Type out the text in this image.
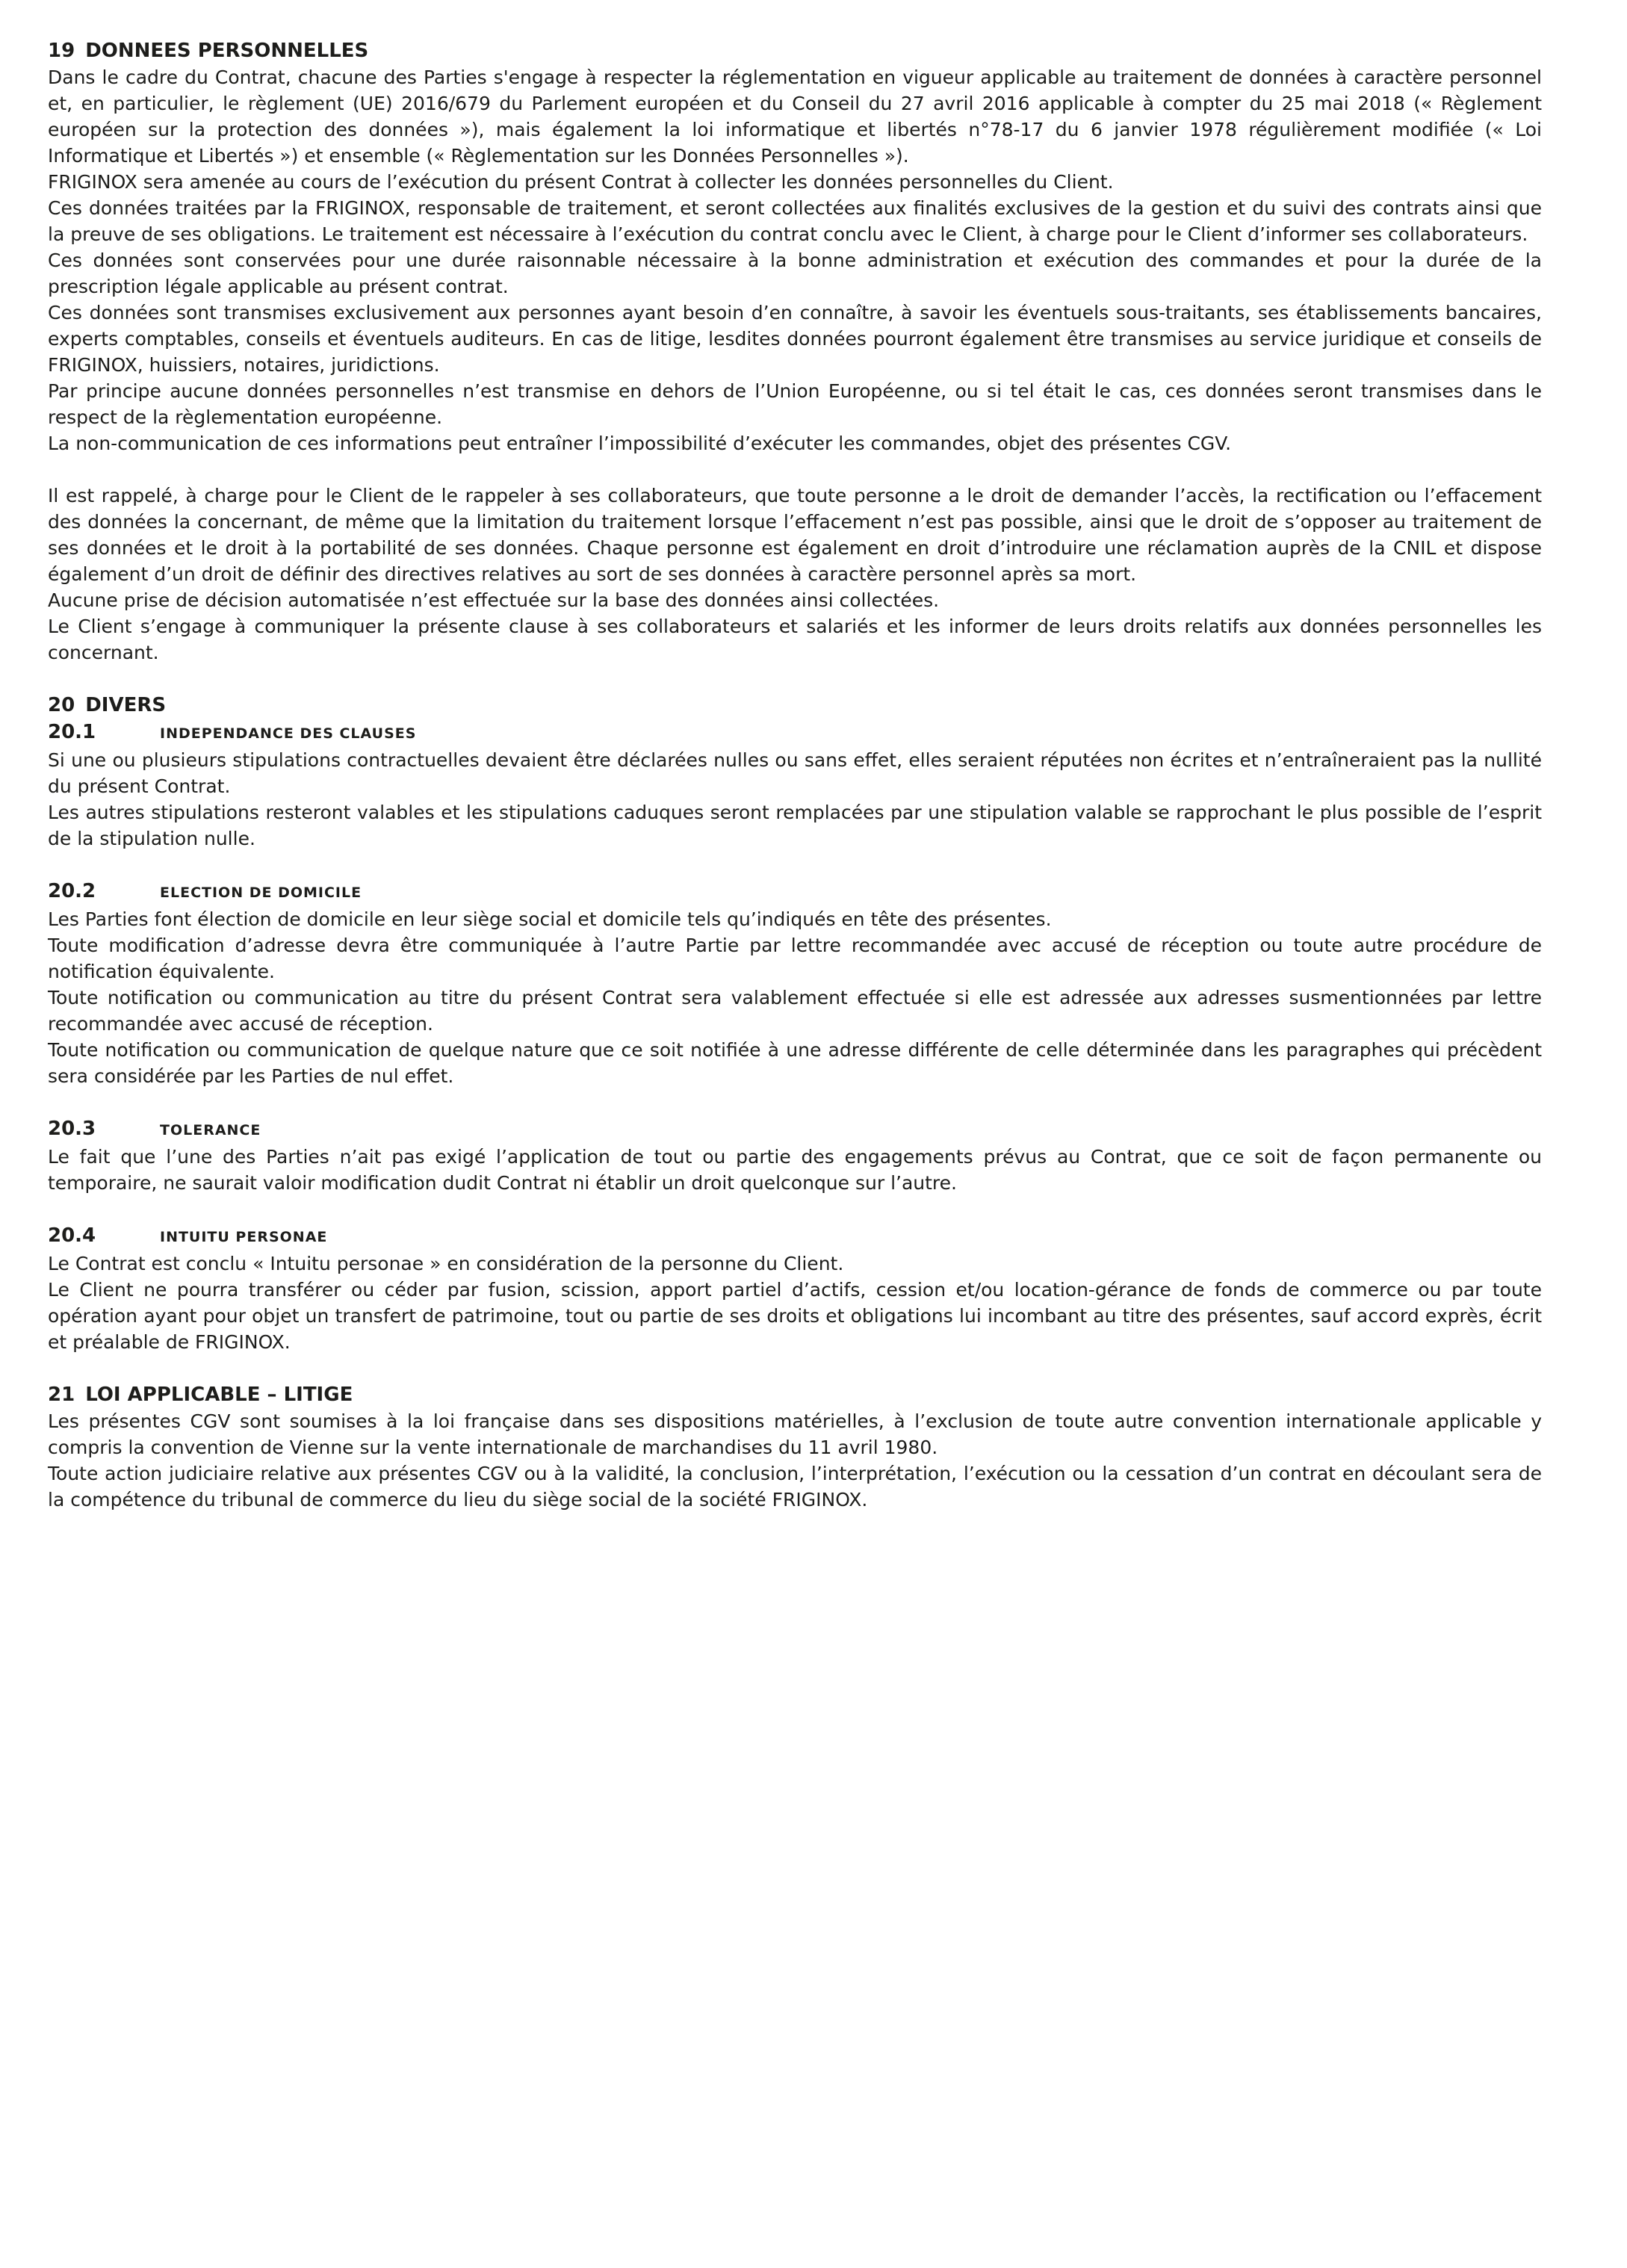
19 DONNEES PERSONNELLES

Dans le cadre du Contrat, chacune des Parties s'engage à respecter la réglementation en vigueur applicable au traitement de données à caractère personnel et, en particulier, le règlement (UE) 2016/679 du Parlement européen et du Conseil du 27 avril 2016 applicable à compter du 25 mai 2018 (« Règlement européen sur la protection des données »), mais également la loi informatique et libertés n°78-17 du 6 janvier 1978 régulièrement modifiée (« Loi Informatique et Libertés ») et ensemble (« Règlementation sur les Données Personnelles »).

FRIGINOX sera amenée au cours de l’exécution du présent Contrat à collecter les données personnelles du Client.

Ces données traitées par la FRIGINOX, responsable de traitement, et seront collectées aux finalités exclusives de la gestion et du suivi des contrats ainsi que la preuve de ses obligations. Le traitement est nécessaire à l’exécution du contrat conclu avec le Client, à charge pour le Client d’informer ses collaborateurs.

Ces données sont conservées pour une durée raisonnable nécessaire à la bonne administration et exécution des commandes et pour la durée de la prescription légale applicable au présent contrat.

Ces données sont transmises exclusivement aux personnes ayant besoin d’en connaître, à savoir les éventuels sous-traitants, ses établissements bancaires, experts comptables, conseils et éventuels auditeurs. En cas de litige, lesdites données pourront également être transmises au service juridique et conseils de FRIGINOX, huissiers, notaires, juridictions.

Par principe aucune données personnelles n’est transmise en dehors de l’Union Européenne, ou si tel était le cas, ces données seront transmises dans le respect de la règlementation européenne.

La non-communication de ces informations peut entraîner l’impossibilité d’exécuter les commandes, objet des présentes CGV.

Il est rappelé, à charge pour le Client de le rappeler à ses collaborateurs, que toute personne a le droit de demander l’accès, la rectification ou l’effacement des données la concernant, de même que la limitation du traitement lorsque l’effacement n’est pas possible, ainsi que le droit de s’opposer au traitement de ses données et le droit à la portabilité de ses données. Chaque personne est également en droit d’introduire une réclamation auprès de la CNIL et dispose également d’un droit de définir des directives relatives au sort de ses données à caractère personnel après sa mort.

Aucune prise de décision automatisée n’est effectuée sur la base des données ainsi collectées.

Le Client s’engage à communiquer la présente clause à ses collaborateurs et salariés et les informer de leurs droits relatifs aux données personnelles les concernant.

20 DIVERS
20.1	INDEPENDANCE DES CLAUSES

Si une ou plusieurs stipulations contractuelles devaient être déclarées nulles ou sans effet, elles seraient réputées non écrites et n’entraîneraient pas la nullité du présent Contrat.

Les autres stipulations resteront valables et les stipulations caduques seront remplacées par une stipulation valable se rapprochant le plus possible de l’esprit de la stipulation nulle.

20.2	ELECTION DE DOMICILE

Les Parties font élection de domicile en leur siège social et domicile tels qu’indiqués en tête des présentes.

Toute modification d’adresse devra être communiquée à l’autre Partie par lettre recommandée avec accusé de réception ou toute autre procédure de notification équivalente.

Toute notification ou communication au titre du présent Contrat sera valablement effectuée si elle est adressée aux adresses susmentionnées par lettre recommandée avec accusé de réception.

Toute notification ou communication de quelque nature que ce soit notifiée à une adresse différente de celle déterminée dans les paragraphes qui précèdent sera considérée par les Parties de nul effet.

20.3	TOLERANCE

Le fait que l’une des Parties n’ait pas exigé l’application de tout ou partie des engagements prévus au Contrat, que ce soit de façon permanente ou temporaire, ne saurait valoir modification dudit Contrat ni établir un droit quelconque sur l’autre.

20.4	INTUITU PERSONAE

Le Contrat est conclu « Intuitu personae » en considération de la personne du Client.

Le Client ne pourra transférer ou céder par fusion, scission, apport partiel d’actifs, cession et/ou location-gérance de fonds de commerce ou par toute opération ayant pour objet un transfert de patrimoine, tout ou partie de ses droits et obligations lui incombant au titre des présentes, sauf accord exprès, écrit et préalable de FRIGINOX.

21 LOI APPLICABLE – LITIGE

Les présentes CGV sont soumises à la loi française dans ses dispositions matérielles, à l’exclusion de toute autre convention internationale applicable y compris la convention de Vienne sur la vente internationale de marchandises du 11 avril 1980.

Toute action judiciaire relative aux présentes CGV ou à la validité, la conclusion, l’interprétation, l’exécution ou la cessation d’un contrat en découlant sera de la compétence du tribunal de commerce du lieu du siège social de la société FRIGINOX.
